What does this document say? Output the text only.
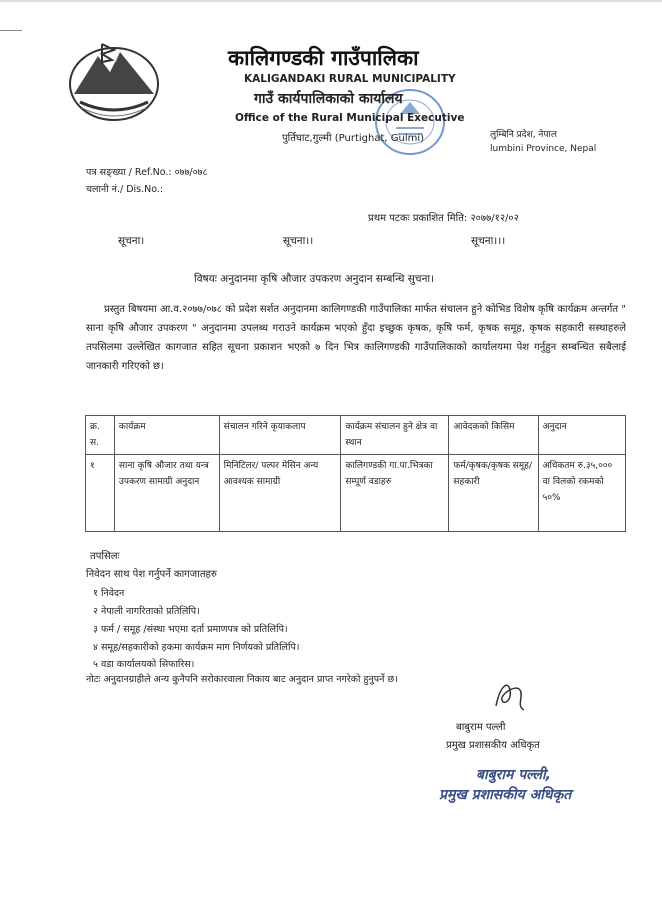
कालिगण्डकी गाउँपालिका
KALIGANDAKI RURAL MUNICIPALITY
गाउँ कार्यपालिकाको कार्यालय
Office of the Rural Municipal Executive
पुर्तिघाट,गुल्मी (Purtighat, Gulmi)	लुम्बिनि प्रदेश, नेपाल
lumbini Province, Nepal
पत्र सङ्ख्या / Ref.No.: ०७७/०७८
चलानी नं./ Dis.No.:
प्रथम पटकः प्रकाशित मिति: २०७७/१२/०२
सूचना।	सूचना।।	सूचना।।।
विषयः अनुदानमा कृषि औजार उपकरण अनुदान सम्बन्धि सुचना।
प्रस्तुत बिषयमा आ.व.२०७७/०७८ को प्रदेश सर्शत अनुदानमा कालिगण्डकी गाउँपालिका मार्फत संचालन हुने कोभिड विशेष कृषि कार्यक्रम अन्तर्गत " साना कृषि औजार उपकरण " अनुदानमा उपलब्ध गराउने कार्यक्रम भएको हुँदा इच्छुक कृषक, कृषि फर्म, कृषक समूह, कृषक सहकारी सस्थाहरुले तपसिलमा उल्लेखित कागजात सहित सूचना प्रकाशन भएको ७ दिन भित्र कालिगण्डकी गाउँपालिकाको कार्यालयमा पेश गर्नुहुन सम्बन्धित सबैलाई जानकारी गरिएको छ।
क्र. स.	कार्यक्रम	संचालन गरिने कृयाकलाप	कार्यक्रम संचालन हुने क्षेत्र वा स्थान	आवेदकको किसिम	अनुदान
१	साना कृषि औजार तथा यन्त्र उपकरण सामाग्री अनुदान	मिनिटिलर/ पल्पर मेसिन अन्य आवश्यक सामाग्री	कालिगण्डकी गा.पा.भित्रका सम्पूर्ण वडाहरु	फर्म/कृषक/कृषक समूह/सहकारी	अधिकतम रु.३५,००० वा विलको रकमको ५०%
तपसिलः
निवेदन साथ पेश गर्नुपर्ने कागजातहरु
१ निवेदन
२ नेपाली नागरिताको प्रतिलिपि।
३ फर्म / समूह /संस्था भएमा दर्ता प्रमाणपत्र को प्रतिलिपि।
४ समूह/सहकारीको हकमा कार्यक्रम माग निर्णयको प्रतिलिपि।
५ वडा कार्यालयको सिफारिस।
नोटः अनुदानग्राहीले अन्य कुनैपनि सरोकारवाला निकाय बाट अनुदान प्राप्त नगरेको हुनुपर्ने छ।
बाबुराम पल्ली
प्रमुख प्रशासकीय अधिकृत
बाबुराम पल्ली,
प्रमुख प्रशासकीय अधिकृत
